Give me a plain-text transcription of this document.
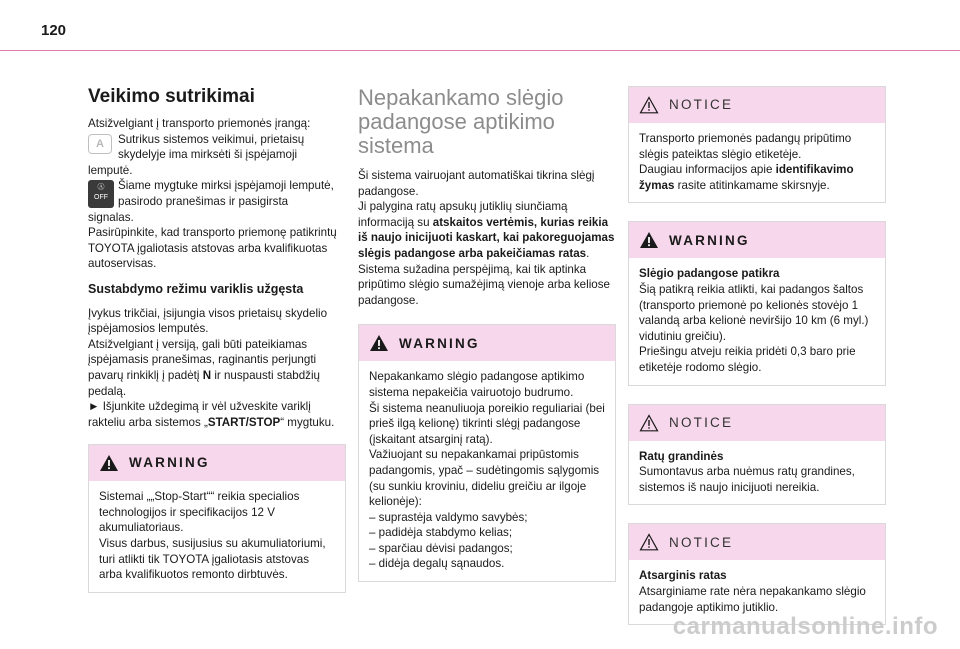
120
Veikimo sutrikimai

Atsižvelgiant į transporto priemonės įrangą:

A	Sutrikus sistemos veikimui, prietaisų skydelyje ima mirksėti ši įspėjamoji

lemputė.

Ⓐ
OFF

Šiame mygtuke mirksi įspėjamoji lemputė, pasirodo pranešimas ir pasigirsta

signalas.

Pasirūpinkite, kad transporto priemonę patikrintų TOYOTA įgaliotasis atstovas arba kvalifikuotas autoservisas.

Sustabdymo režimu variklis užgęsta

Įvykus trikčiai, įsijungia visos prietaisų skydelio įspėjamosios lemputės.

Atsižvelgiant į versiją, gali būti pateikiamas įspėjamasis pranešimas, raginantis perjungti pavarų rinkiklį į padėtį N ir nuspausti stabdžių pedalą.

► Išjunkite uždegimą ir vėl užveskite variklį rakteliu arba sistemos „START/STOP“ mygtuku.

WARNING

Sistemai „„Stop-Start““ reikia specialios technologijos ir specifikacijos 12 V akumuliatoriaus.

Visus darbus, susijusius su akumuliatoriumi, turi atlikti tik TOYOTA įgaliotasis atstovas arba kvalifikuotos remonto dirbtuvės.

Nepakankamo slėgio padangose aptikimo sistema

Ši sistema vairuojant automatiškai tikrina slėgį padangose.

Ji palygina ratų apsukų jutiklių siunčiamą informaciją su atskaitos vertėmis, kurias reikia iš naujo inicijuoti kaskart, kai pakoreguojamas slėgis padangose arba pakeičiamas ratas.

Sistema sužadina perspėjimą, kai tik aptinka pripūtimo slėgio sumažėjimą vienoje arba keliose padangose.

WARNING

Nepakankamo slėgio padangose aptikimo sistema nepakeičia vairuotojo budrumo.

Ši sistema neanuliuoja poreikio reguliariai (bei prieš ilgą kelionę) tikrinti slėgį padangose (įskaitant atsarginį ratą).

Važiuojant su nepakankamai pripūstomis padangomis, ypač – sudėtingomis sąlygomis (su sunkiu kroviniu, dideliu greičiu ar ilgoje kelionėje):

– suprastėja valdymo savybės;
– padidėja stabdymo kelias;
– sparčiau dėvisi padangos;
– didėja degalų sąnaudos.
NOTICE

Transporto priemonės padangų pripūtimo slėgis pateiktas slėgio etiketėje.

Daugiau informacijos apie identifikavimo žymas rasite atitinkamame skirsnyje.

WARNING

Slėgio padangose patikra

Šią patikrą reikia atlikti, kai padangos šaltos (transporto priemonė po kelionės stovėjo 1 valandą arba kelionė neviršijo 10 km (6 myl.) vidutiniu greičiu).

Priešingu atveju reikia pridėti 0,3 baro prie etiketėje rodomo slėgio.

NOTICE

Ratų grandinės

Sumontavus arba nuėmus ratų grandines, sistemos iš naujo inicijuoti nereikia.

NOTICE

Atsarginis ratas

Atsarginiame rate nėra nepakankamo slėgio padangoje aptikimo jutiklio.

carmanualsonline.info
